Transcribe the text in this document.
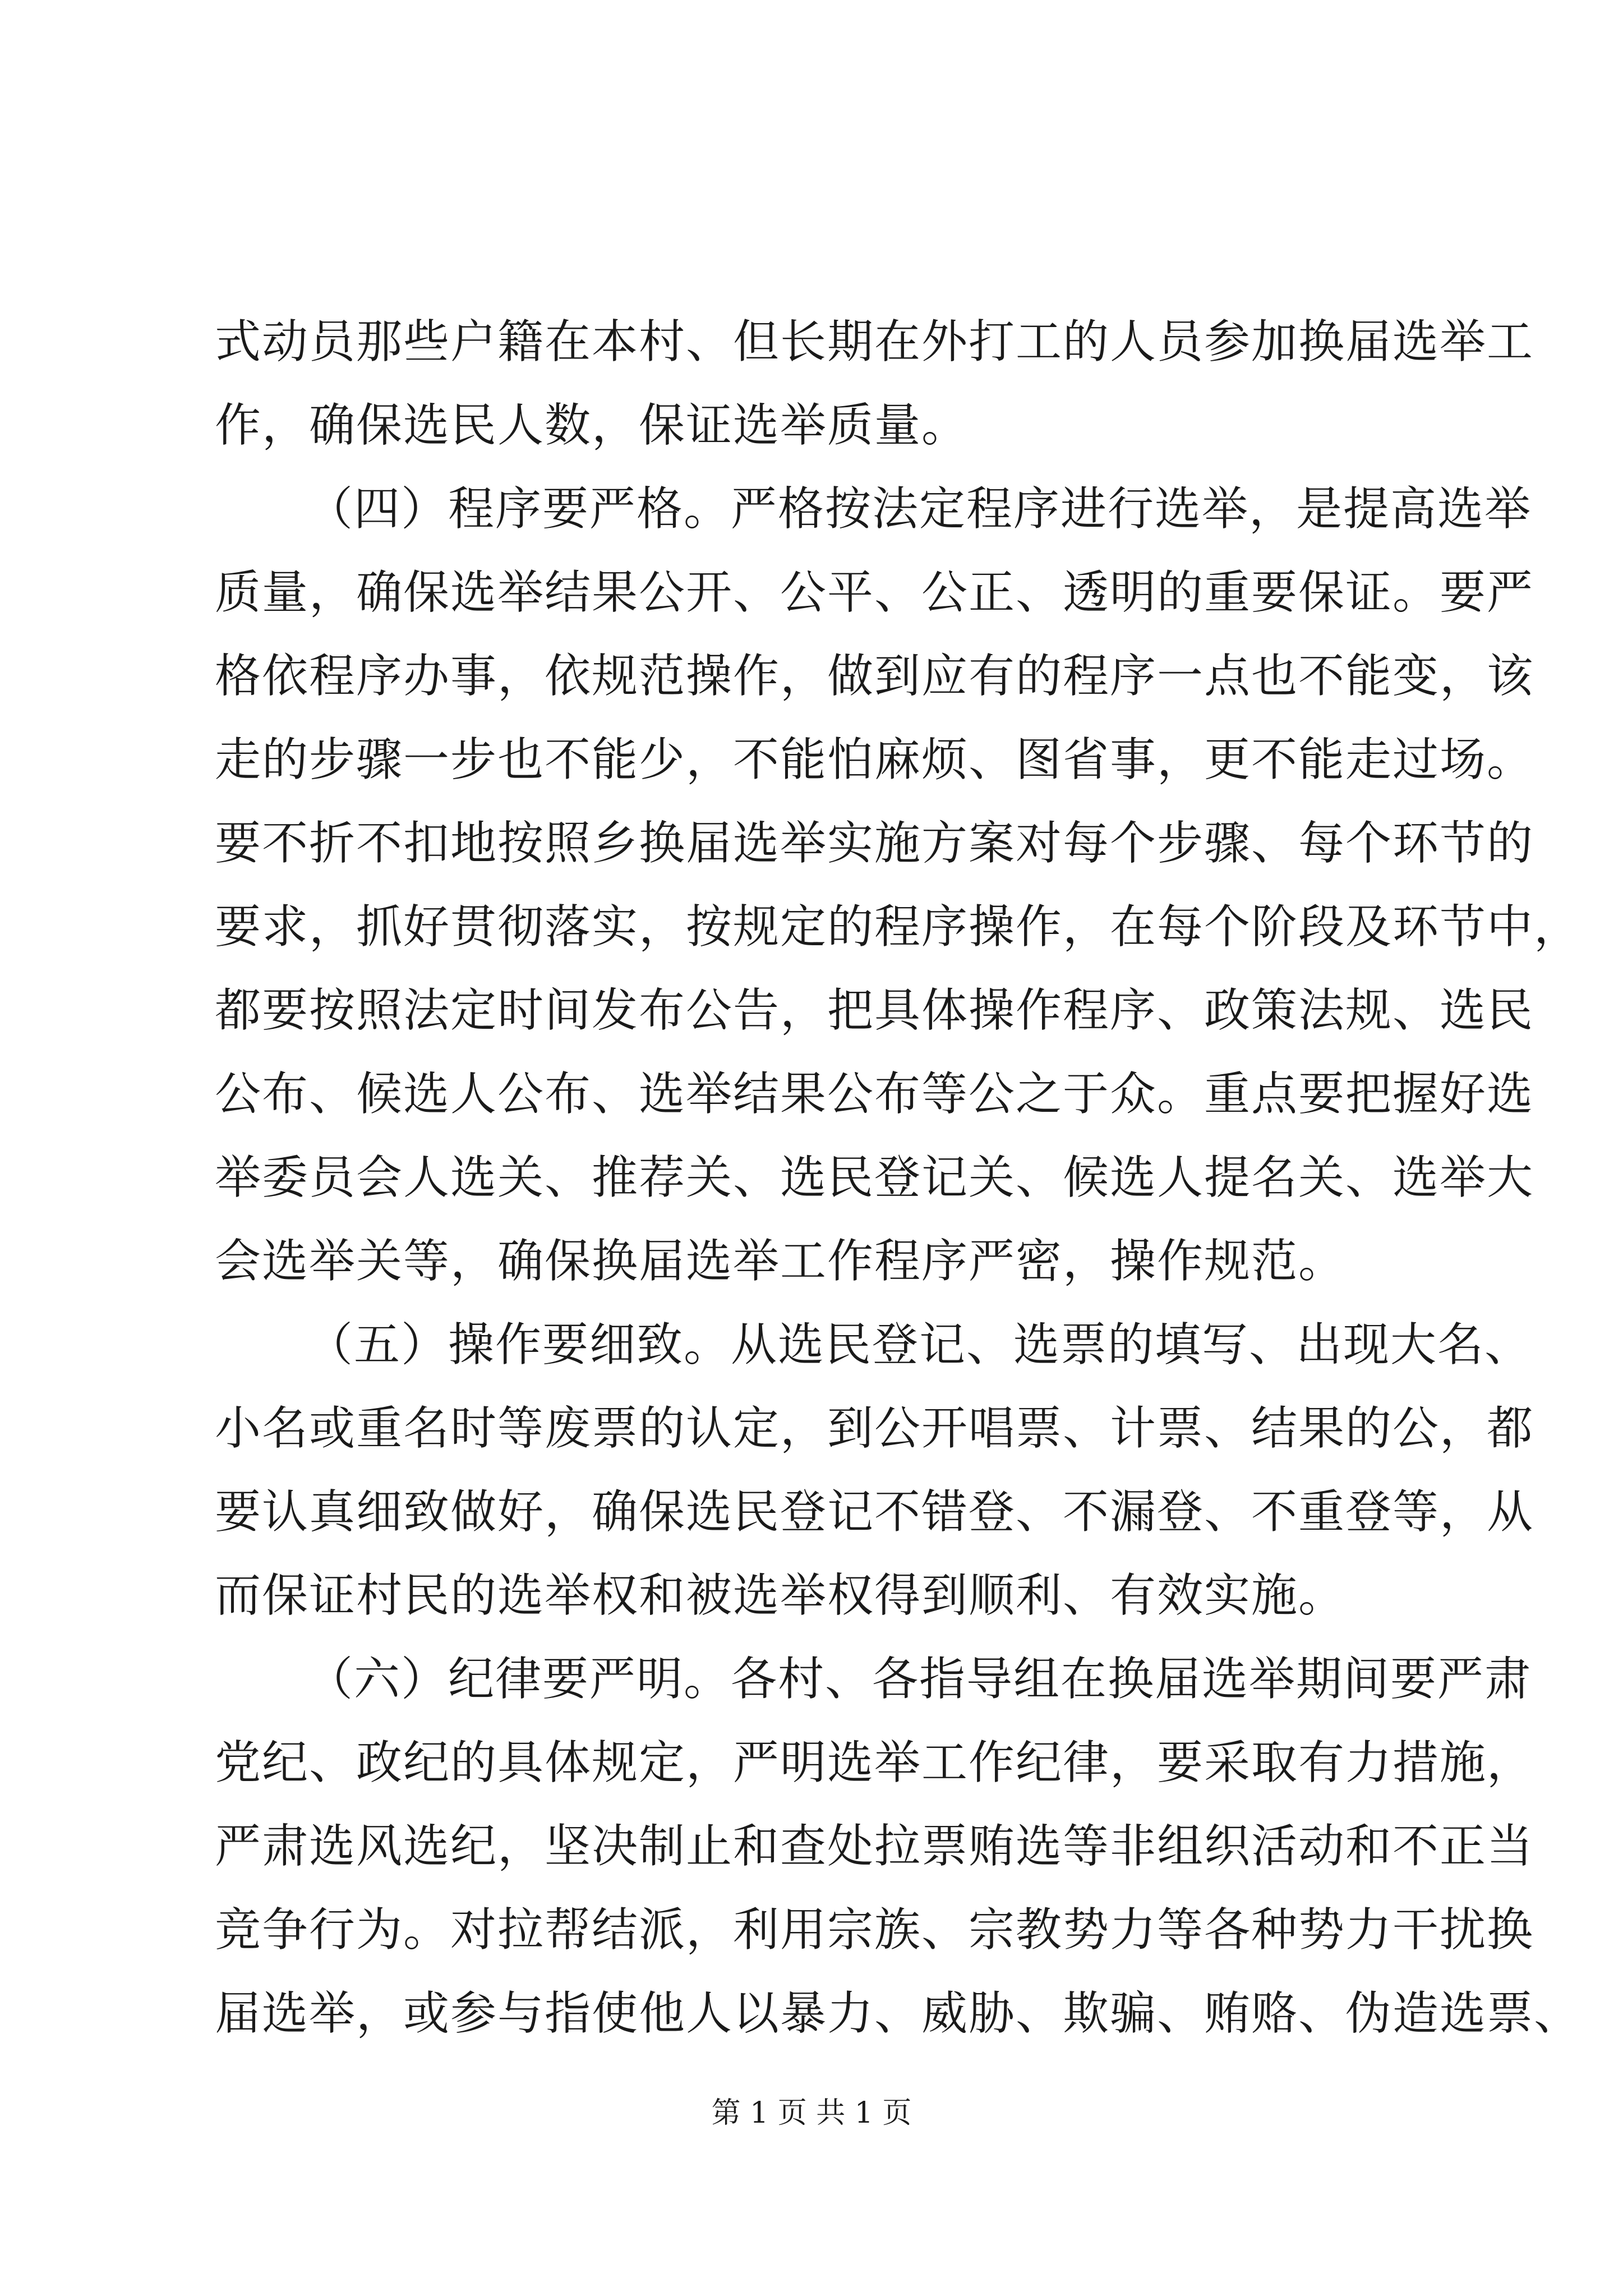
式动员那些户籍在本村、但长期在外打工的人员参加换届选举工
作，确保选民人数，保证选举质量。
（四）程序要严格。严格按法定程序进行选举，是提高选举
质量，确保选举结果公开、公平、公正、透明的重要保证。要严
格依程序办事，依规范操作，做到应有的程序一点也不能变，该
走的步骤一步也不能少，不能怕麻烦、图省事，更不能走过场。
要不折不扣地按照乡换届选举实施方案对每个步骤、每个环节的
要求，抓好贯彻落实，按规定的程序操作，在每个阶段及环节中，
都要按照法定时间发布公告，把具体操作程序、政策法规、选民
公布、候选人公布、选举结果公布等公之于众。重点要把握好选
举委员会人选关、推荐关、选民登记关、候选人提名关、选举大
会选举关等，确保换届选举工作程序严密，操作规范。
（五）操作要细致。从选民登记、选票的填写、出现大名、
小名或重名时等废票的认定，到公开唱票、计票、结果的公，都
要认真细致做好，确保选民登记不错登、不漏登、不重登等，从
而保证村民的选举权和被选举权得到顺利、有效实施。
（六）纪律要严明。各村、各指导组在换届选举期间要严肃
党纪、政纪的具体规定，严明选举工作纪律，要采取有力措施，
严肃选风选纪，坚决制止和查处拉票贿选等非组织活动和不正当
竞争行为。对拉帮结派，利用宗族、宗教势力等各种势力干扰换
届选举，或参与指使他人以暴力、威胁、欺骗、贿赂、伪造选票、
第 1 页 共 1 页
